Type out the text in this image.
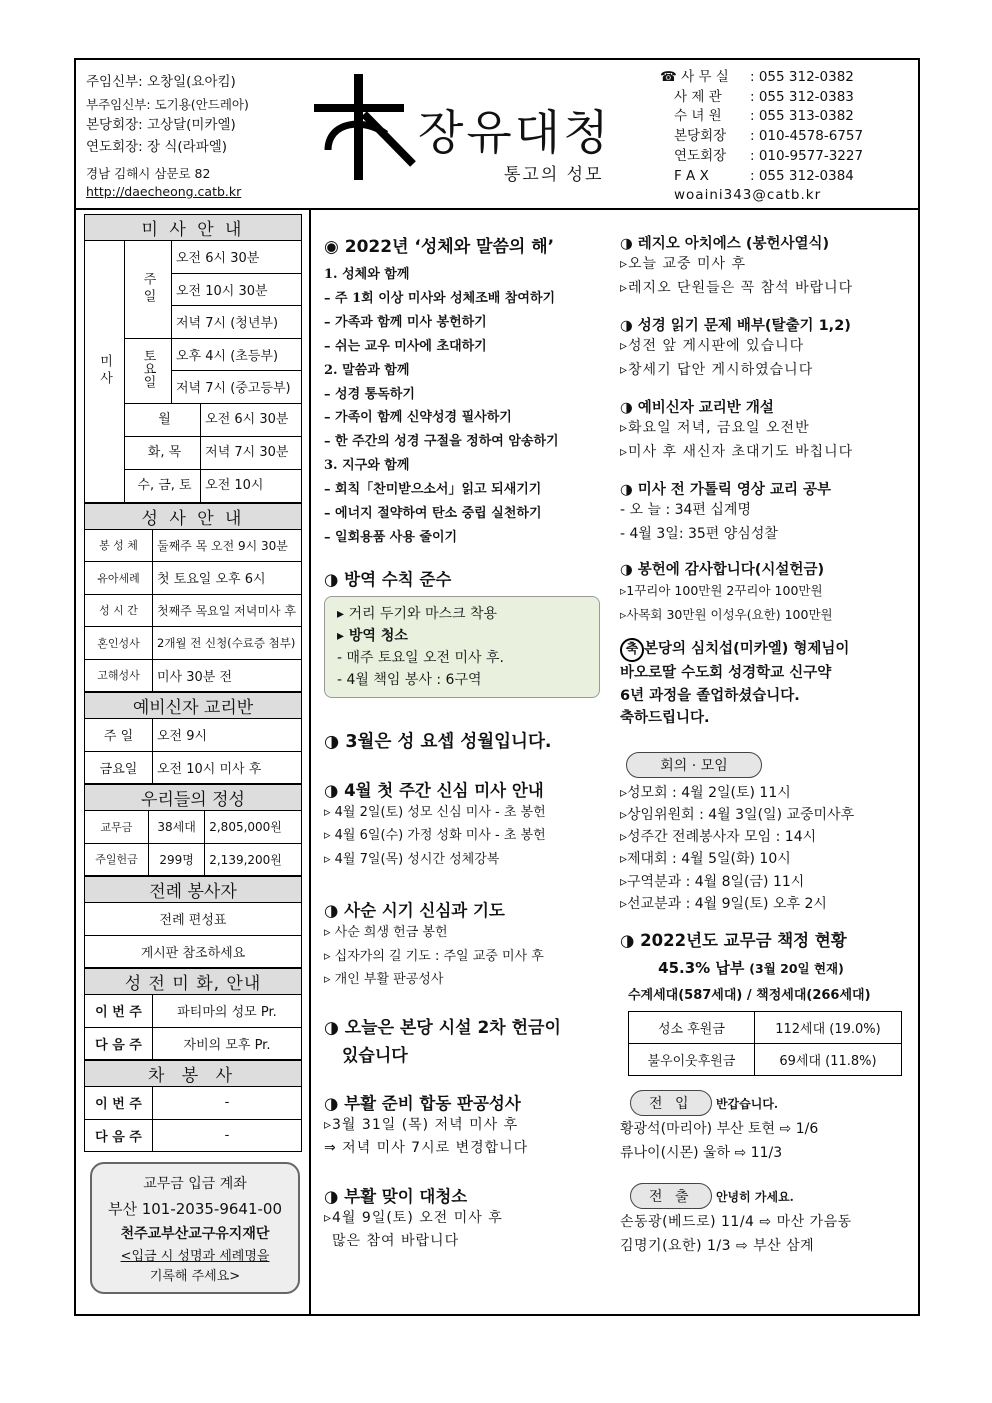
주임신부: 오창일(요아킴)
부주임신부: 도기용(안드레아)
본당회장: 고상달(미카엘)
연도회장: 장 식(라파엘)
경남 김해시 삼문로 82
http://daecheong.catb.kr
장유대청
통고의 성모
☎ 사 무 실 : 055 312-0382
사 제 관 : 055 312-0383
수 녀 원 : 055 313-0382
본당회장 : 010-4578-6757
연도회장 : 010-9577-3227
F A X	: 055 312-0384
woaini343@catb.kr
미 사 안 내		
미 사	주 일	오전 6시 30분
		오전 10시 30분
		저녁 7시 (청년부)
	토요일	오후 4시 (초등부)
		저녁 7시 (중고등부)
	월 오전 6시 30분	
	화, 목 저녁 7시 30분	
	수, 금, 토 오전 10시	
성 사 안 내	
봉 성 체	둘째주 목 오전 9시 30분
유아세례	첫 토요일 오후 6시
성 시 간	첫째주 목요일 저녁미사 후
혼인성사	2개월 전 신청(수료증 첨부)
고해성사	미사 30분 전
예비신자 교리반	
주 일	오전 9시
금요일	오전 10시 미사 후
우리들의 정성		
교무금	38세대	2,805,000원
주일헌금	299명	2,139,200원
전례 봉사자
전례 편성표
게시판 참조하세요
성 전 미 화, 안내	
이 번 주	파티마의 성모 Pr.
다 음 주	자비의 모후 Pr.
차 봉 사	
이 번 주	-
다 음 주	-
교무금 입금 계좌
부산 101-2035-9641-00
천주교부산교구유지재단
<입금 시 성명과 세례명을
기록해 주세요>
◉ 2022년 ‘성체와 말씀의 해’
1. 성체와 함께
– 주 1회 이상 미사와 성체조배 참여하기
– 가족과 함께 미사 봉헌하기
– 쉬는 교우 미사에 초대하기
2. 말씀과 함께
– 성경 통독하기
– 가족이 함께 신약성경 필사하기
– 한 주간의 성경 구절을 정하여 암송하기
3. 지구와 함께
– 회칙「찬미받으소서」읽고 되새기기
– 에너지 절약하여 탄소 중립 실천하기
– 일회용품 사용 줄이기
◑ 방역 수칙 준수
▸ 거리 두기와 마스크 착용
▸ 방역 청소
- 매주 토요일 오전 미사 후.
- 4월 책임 봉사 : 6구역
◑ 3월은 성 요셉 성월입니다.
◑ 4월 첫 주간 신심 미사 안내
▹ 4월 2일(토) 성모 신심 미사 - 초 봉헌
▹ 4월 6일(수) 가정 성화 미사 - 초 봉헌
▹ 4월 7일(목) 성시간 성체강복
◑ 사순 시기 신심과 기도
▹ 사순 희생 헌금 봉헌
▹ 십자가의 길 기도 : 주일 교중 미사 후
▹ 개인 부활 판공성사
◑ 오늘은 본당 시설 2차 헌금이
있습니다
◑ 부활 준비 합동 판공성사
▹3월 31일 (목) 저녁 미사 후
⇒ 저녁 미사 7시로 변경합니다
◑ 부활 맞이 대청소
▹4월 9일(토) 오전 미사 후
많은 참여 바랍니다
◑ 레지오 아치에스 (봉헌사열식)
▹오늘 교중 미사 후
▹레지오 단원들은 꼭 참석 바랍니다
◑ 성경 읽기 문제 배부(탈출기 1,2)
▹성전 앞 게시판에 있습니다
▹창세기 답안 게시하였습니다
◑ 예비신자 교리반 개설
▹화요일 저녁, 금요일 오전반
▹미사 후 새신자 초대기도 바칩니다
◑ 미사 전 가톨릭 영상 교리 공부
- 오 늘 : 34편 십계명
- 4월 3일: 35편 양심성찰
◑ 봉헌에 감사합니다(시설헌금)
▹1꾸리아 100만원 2꾸리아 100만원
▹사목회 30만원 이성우(요한) 100만원
축 본당의 심치섭(미카엘) 형제님이
바오로딸 수도회 성경학교 신구약
6년 과정을 졸업하셨습니다.
축하드립니다.
회의 · 모임
▹성모회 : 4월 2일(토) 11시
▹상임위원회 : 4월 3일(일) 교중미사후
▹성주간 전례봉사자 모임 : 14시
▹제대회 : 4월 5일(화) 10시
▹구역분과 : 4월 8일(금) 11시
▹선교분과 : 4월 9일(토) 오후 2시
◑ 2022년도 교무금 책정 현황
45.3% 납부 (3월 20일 현재)
수계세대(587세대) / 책정세대(266세대)
성소 후원금	112세대 (19.0%)
불우이웃후원금	69세대 (11.8%)
전 입 반갑습니다.
황광석(마리아) 부산 토현 ⇨ 1/6
류나이(시몬) 울하 ⇨ 11/3
전 출 안녕히 가세요.
손동광(베드로) 11/4 ⇨ 마산 가음동
김명기(요한) 1/3 ⇨ 부산 삼계
